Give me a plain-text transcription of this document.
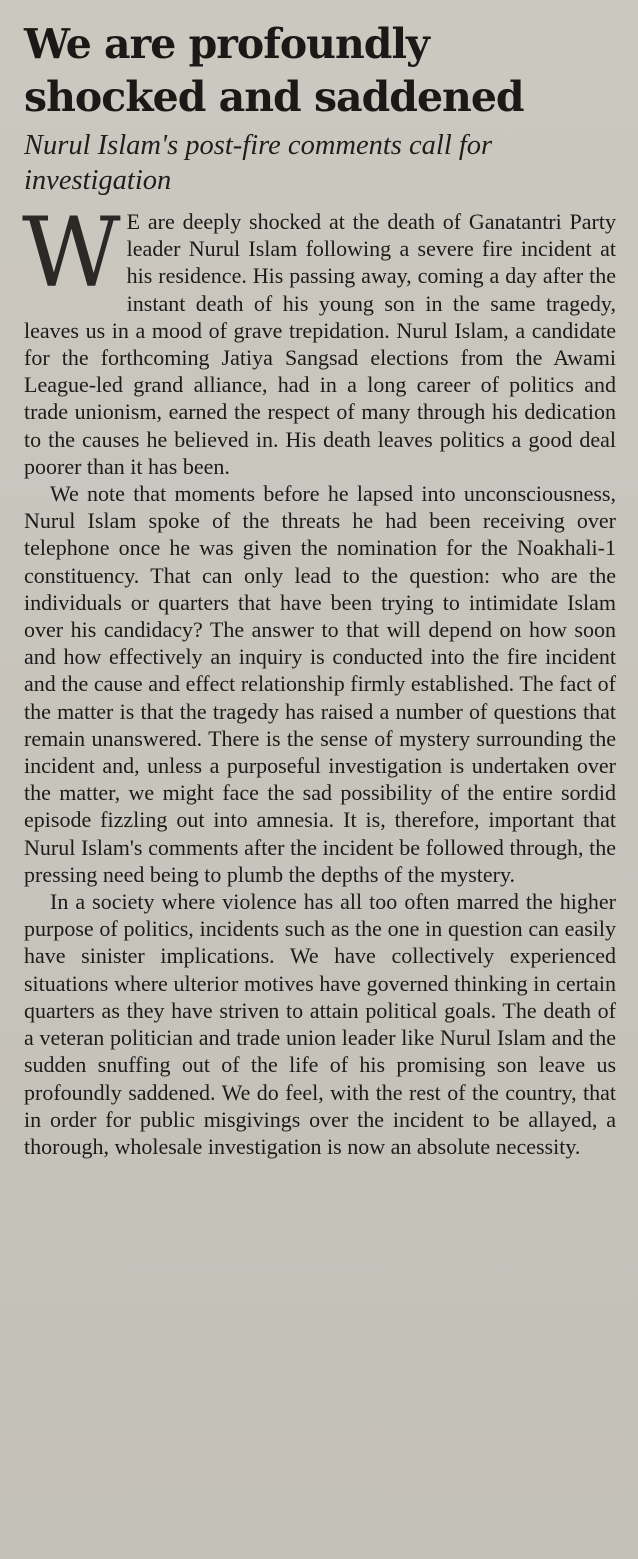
We are profoundly shocked and saddened
Nurul Islam's post-fire comments call for investigation

W E are deeply shocked at the death of Ganatantri Party leader Nurul Islam following a severe fire incident at his residence. His passing away, coming a day after the instant death of his young son in the same tragedy, leaves us in a mood of grave trepidation. Nurul Islam, a candidate for the forthcoming Jatiya Sangsad elections from the Awami League-led grand alliance, had in a long career of politics and trade unionism, earned the respect of many through his dedication to the causes he believed in. His death leaves politics a good deal poorer than it has been.

We note that moments before he lapsed into unconsciousness, Nurul Islam spoke of the threats he had been receiving over telephone once he was given the nomination for the Noakhali-1 constituency. That can only lead to the question: who are the individuals or quarters that have been trying to intimidate Islam over his candidacy? The answer to that will depend on how soon and how effectively an inquiry is conducted into the fire incident and the cause and effect relationship firmly established. The fact of the matter is that the tragedy has raised a number of questions that remain unanswered. There is the sense of mystery surrounding the incident and, unless a purposeful investigation is undertaken over the matter, we might face the sad possibility of the entire sordid episode fizzling out into amnesia. It is, therefore, important that Nurul Islam's comments after the incident be followed through, the pressing need being to plumb the depths of the mystery.

In a society where violence has all too often marred the higher purpose of politics, incidents such as the one in question can easily have sinister implications. We have collectively experienced situations where ulterior motives have governed thinking in certain quarters as they have striven to attain political goals. The death of a veteran politician and trade union leader like Nurul Islam and the sudden snuffing out of the life of his promising son leave us profoundly saddened. We do feel, with the rest of the country, that in order for public misgivings over the incident to be allayed, a thorough, wholesale investigation is now an absolute necessity.
